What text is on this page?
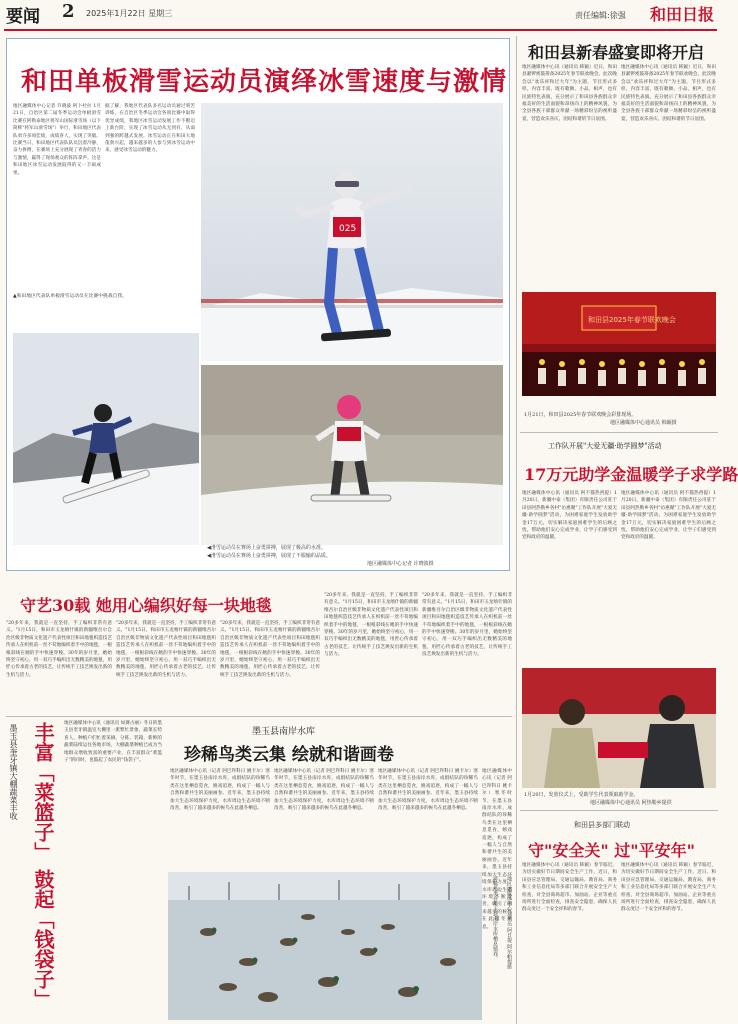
要闻 2 2025年1月22日 星期三	责任编辑:徐强 和田日报
和田单板滑雪运动员演绎冰雪速度与激情
地区融媒体中心记者 许晓波 阿卜杜拉 1月21日，自治区第二届冬季运动会单板滑雪比赛在阿勒泰地区将军山国际滑雪场（以下简称"将军山滑雪场"）举行，和田地区代表队勇夺多项佳绩，成绩喜人，实现了突破。比赛当日，和田地区代表队队员沉着冷静，奋力拼搏，在赛场上充分展现了青春的活力与激情，赢得了现场观众的阵阵掌声。这是和田地区冰雪运动发展取得的又一丰硕成果。
据了解，我地区代表队多名运动员通过刻苦训练，在自治区冬季运动会各项比赛中取得优异成绩，我地区冰雪运动发展工作不断迈上新台阶，实现了冰雪运动从无到有、从弱到强的跨越式发展。冰雪运动正在和田大地蓬勃兴起，越来越多的人参与到冰雪运动中来，感受冰雪运动的魅力。
▲和田地区代表队单板滑雪运动员在比赛中挑战自我。
025
◀滑雪运动员在赛场上奋勇拼搏，展现了极高的水准。
◀滑雪运动员在赛场上奋勇拼搏，展现了不服输的品质。
地区融媒体中心记者 许晓波摄
和田县新春盛宴即将开启
地区融媒体中心讯（通讯员 韩颖）近日，和田县紧锣密鼓筹备2025年春节联欢晚会。此次晚会以"欢乐祥和过大年"为主题，节目形式多样，内容丰富，既有歌舞、小品、相声，也有民族特色表演，充分展示了和田县各族群众幸福美好的生活面貌和昂扬向上的精神风貌，为全县各族干部群众奉献一场精彩纷呈的视听盛宴，营造欢乐喜庆、团结和谐的节日氛围。
地区融媒体中心讯（通讯员 韩颖）近日，和田县紧锣密鼓筹备2025年春节联欢晚会。此次晚会以"欢乐祥和过大年"为主题，节目形式多样，内容丰富，既有歌舞、小品、相声，也有民族特色表演，充分展示了和田县各族群众幸福美好的生活面貌和昂扬向上的精神风貌，为全县各族干部群众奉献一场精彩纷呈的视听盛宴，营造欢乐喜庆、团结和谐的节日氛围。
和田县2025年春节联欢晚会
1月21日，和田县2025年春节联欢晚会彩排现场。
地区融媒体中心通讯员 韩颖摄
工作队开展"大爱无疆·助学圆梦"活动
17万元助学金温暖学子求学路
地区融媒体中心讯（通讯员 阿不都热西提）1月20日，新疆中泰（集团）有限责任公司驻于田县阿热勒乡各村"访惠聚"工作队开展"大爱无疆·助学圆梦"活动，为困难家庭学生发放助学金17万元，切实解决家庭困难学生的后顾之忧，帮助他们安心完成学业，让学子们感受到党和政府的温暖。
地区融媒体中心讯（通讯员 阿不都热西提）1月20日，新疆中泰（集团）有限责任公司驻于田县阿热勒乡各村"访惠聚"工作队开展"大爱无疆·助学圆梦"活动，为困难家庭学生发放助学金17万元，切实解决家庭困难学生的后顾之忧，帮助他们安心完成学业，让学子们感受到党和政府的温暖。
1月20日，发放仪式上，受助学生代表领取助学金。
地区融媒体中心通讯员 阿热勒乡提供
和田县多部门联动
守"安全关" 过"平安年"
地区融媒体中心讯（通讯员 韩颖）春节临近，为切实做好节日期间安全生产工作，近日，和田县应急管理局、交通运输局、教育局、商务和工业信息化局等多部门联合开展安全生产大检查，对全县商场超市、加油站、企业等重点场所进行全面检查，排查安全隐患，确保人民群众度过一个安全祥和的春节。
地区融媒体中心讯（通讯员 韩颖）春节临近，为切实做好节日期间安全生产工作，近日，和田县应急管理局、交通运输局、教育局、商务和工业信息化局等多部门联合开展安全生产大检查，对全县商场超市、加油站、企业等重点场所进行全面检查，排查安全隐患，确保人民群众度过一个安全祥和的春节。
守艺30载 她用心编织好每一块地毯
"20多年来，我就是一直坚持，手工编织非常有意义。"1月15日，和田市玉龙喀什镇的新疆维吾尔自治区级非物质文化遗产代表性项目和田地毯织造技艺传承人在织机前一丝不苟地编织着手中的地毯，一根根彩线在她的手中快速穿梭。30年的岁月里，她始终坚守初心，用一双巧手编织出无数精美的地毯，用匠心传承着古老的技艺，让传统手工技艺焕发出新的生机与活力。
"20多年来，我就是一直坚持，手工编织非常有意义。"1月15日，和田市玉龙喀什镇的新疆维吾尔自治区级非物质文化遗产代表性项目和田地毯织造技艺传承人在织机前一丝不苟地编织着手中的地毯，一根根彩线在她的手中快速穿梭。30年的岁月里，她始终坚守初心，用一双巧手编织出无数精美的地毯，用匠心传承着古老的技艺，让传统手工技艺焕发出新的生机与活力。
"20多年来，我就是一直坚持，手工编织非常有意义。"1月15日，和田市玉龙喀什镇的新疆维吾尔自治区级非物质文化遗产代表性项目和田地毯织造技艺传承人在织机前一丝不苟地编织着手中的地毯，一根根彩线在她的手中快速穿梭。30年的岁月里，她始终坚守初心，用一双巧手编织出无数精美的地毯，用匠心传承着古老的技艺，让传统手工技艺焕发出新的生机与活力。
"20多年来，我就是一直坚持，手工编织非常有意义。"1月15日，和田市玉龙喀什镇的新疆维吾尔自治区级非物质文化遗产代表性项目和田地毯织造技艺传承人在织机前一丝不苟地编织着手中的地毯，一根根彩线在她的手中快速穿梭。30年的岁月里，她始终坚守初心，用一双巧手编织出无数精美的地毯，用匠心传承着古老的技艺，让传统手工技艺焕发出新的生机与活力。
"20多年来，我就是一直坚持，手工编织非常有意义。"1月15日，和田市玉龙喀什镇的新疆维吾尔自治区级非物质文化遗产代表性项目和田地毯织造技艺传承人在织机前一丝不苟地编织着手中的地毯，一根根彩线在她的手中快速穿梭。30年的岁月里，她始终坚守初心，用一双巧手编织出无数精美的地毯，用匠心传承着古老的技艺，让传统手工技艺焕发出新的生机与活力。
墨玉县奎牙镇大棚蔬菜丰收 丰富「菜篮子」 鼓起「钱袋子」 地区融媒体中心讯（通讯员 如赛古丽）冬日的墨玉县奎牙镇温室大棚里一派繁忙景象，蔬菜长势喜人，种植户们忙着采摘、分拣、装箱，新鲜的蔬菜陆续运往各地市场，大棚蔬菜种植已成为当地群众增收致富的重要产业，在丰富群众"菜篮子"的同时，也鼓起了农民的"钱袋子"。
墨玉县南岸水库
珍稀鸟类云集 绘就和谐画卷
地区融媒体中心讯（记者 阿巴拜科日 姚卡尔）寒冬时节，在墨玉县南岸水库，成群结队的珍稀鸟类在这里栖息觅食，嬉戏追逐，构成了一幅人与自然和谐共生的美丽画卷。近年来，墨玉县持续加大生态环境保护力度，水库周边生态环境不断改善，吸引了越来越多的候鸟在此越冬栖息。
地区融媒体中心讯（记者 阿巴拜科日 姚卡尔）寒冬时节，在墨玉县南岸水库，成群结队的珍稀鸟类在这里栖息觅食，嬉戏追逐，构成了一幅人与自然和谐共生的美丽画卷。近年来，墨玉县持续加大生态环境保护力度，水库周边生态环境不断改善，吸引了越来越多的候鸟在此越冬栖息。
地区融媒体中心讯（记者 阿巴拜科日 姚卡尔）寒冬时节，在墨玉县南岸水库，成群结队的珍稀鸟类在这里栖息觅食，嬉戏追逐，构成了一幅人与自然和谐共生的美丽画卷。近年来，墨玉县持续加大生态环境保护力度，水库周边生态环境不断改善，吸引了越来越多的候鸟在此越冬栖息。
地区融媒体中心讯（记者 阿巴拜科日 姚卡尔）寒冬时节，在墨玉县南岸水库，成群结队的珍稀鸟类在这里栖息觅食，嬉戏追逐，构成了一幅人与自然和谐共生的美丽画卷。近年来，墨玉县持续加大生态环境保护力度，水库周边生态环境不断改善，吸引了越来越多的候鸟在此越冬栖息。 珍稀鸟类在墨玉县南岸水库栖息嬉戏。	地区融媒体中心通讯员 阿日提 阿尔帕提摄
